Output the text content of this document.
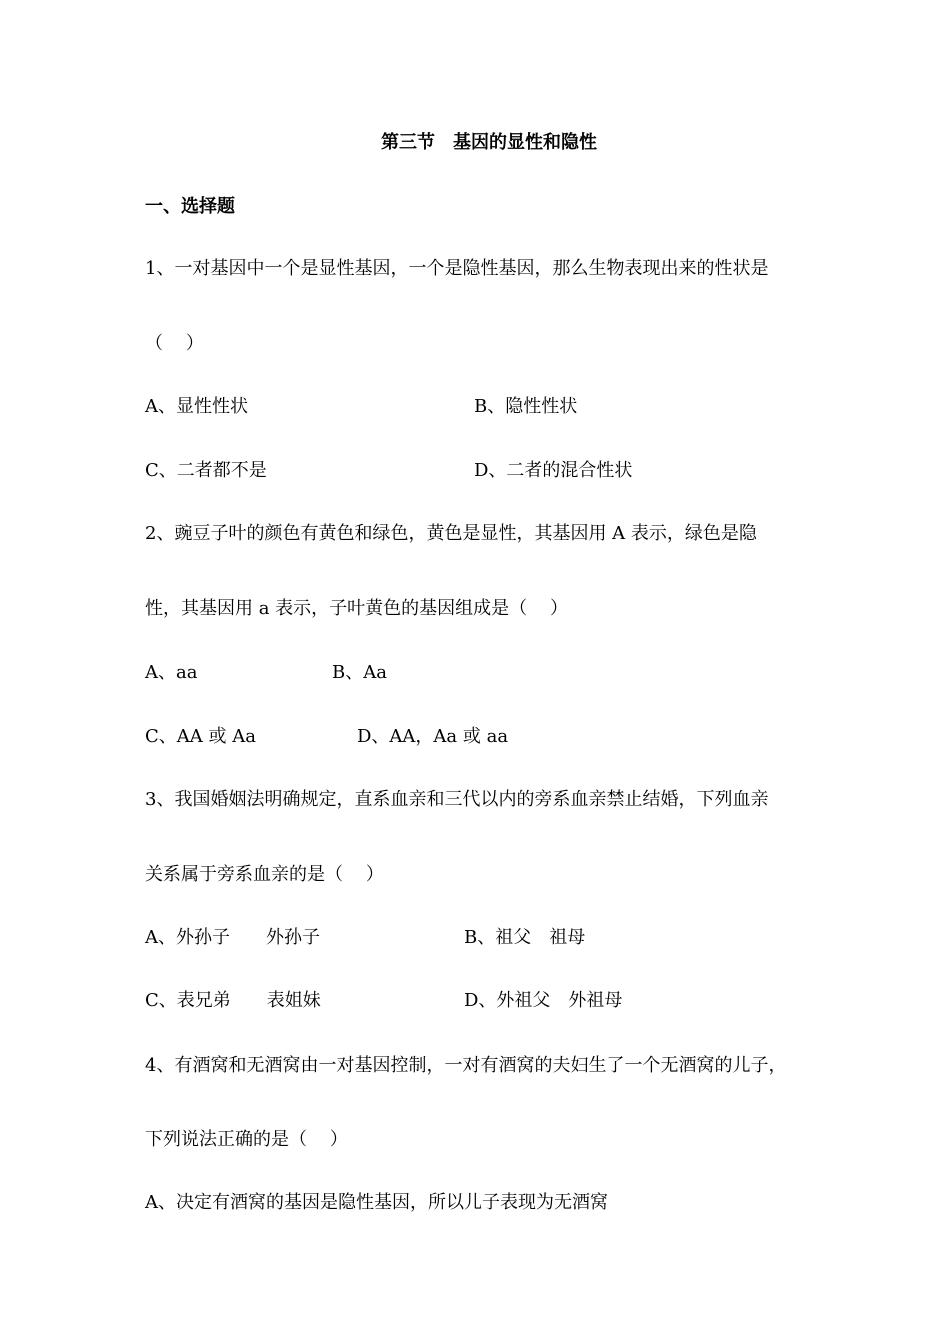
第三节　基因的显性和隐性
一、选择题
1、一对基因中一个是显性基因，一个是隐性基因，那么生物表现出来的性状是
（    ）
A、显性性状	B、隐性性状
C、二者都不是	D、二者的混合性状
2、豌豆子叶的颜色有黄色和绿色，黄色是显性，其基因用 A 表示，绿色是隐
性，其基因用 a 表示，子叶黄色的基因组成是（    ）
A、aa	B、Aa
C、AA 或 Aa	D、AA，Aa 或 aa
3、我国婚姻法明确规定，直系血亲和三代以内的旁系血亲禁止结婚，下列血亲
关系属于旁系血亲的是（    ）
A、外孙子　　外孙子	B、祖父　祖母
C、表兄弟　　表姐妹	D、外祖父　外祖母
4、有酒窝和无酒窝由一对基因控制，一对有酒窝的夫妇生了一个无酒窝的儿子，
下列说法正确的是（    ）
A、决定有酒窝的基因是隐性基因，所以儿子表现为无酒窝
